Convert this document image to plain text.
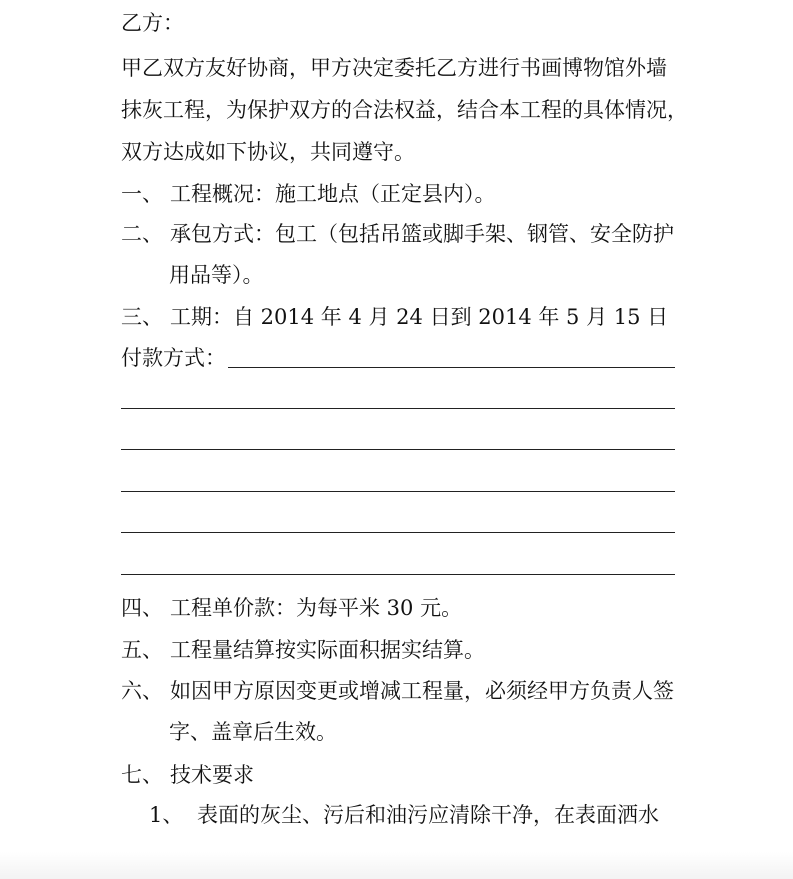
乙方：
甲乙双方友好协商，甲方决定委托乙方进行书画博物馆外墙
抹灰工程，为保护双方的合法权益，结合本工程的具体情况，
双方达成如下协议，共同遵守。
一、 工程概况：施工地点（正定县内）。
二、 承包方式：包工（包括吊篮或脚手架、钢管、安全防护
用品等）。
三、 工期：自 2014 年 4 月 24 日到 2014 年 5 月 15 日
付款方式：
四、 工程单价款：为每平米 30 元。
五、 工程量结算按实际面积据实结算。
六、 如因甲方原因变更或增减工程量，必须经甲方负责人签
字、盖章后生效。
七、 技术要求
1、 表面的灰尘、污后和油污应清除干净，在表面洒水
